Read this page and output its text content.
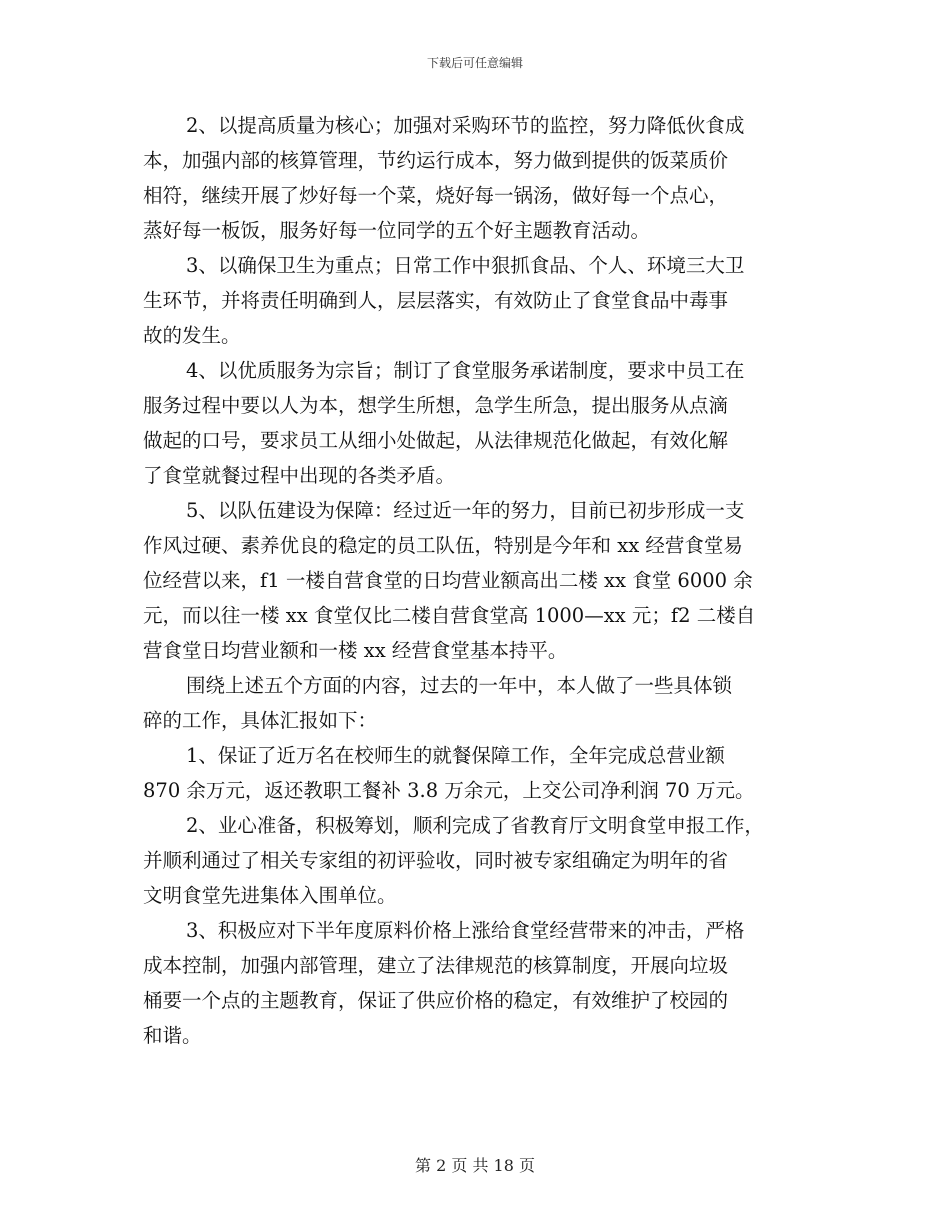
下载后可任意编辑
2、以提高质量为核心；加强对采购环节的监控，努力降低伙食成
本，加强内部的核算管理，节约运行成本，努力做到提供的饭菜质价
相符，继续开展了炒好每一个菜，烧好每一锅汤，做好每一个点心，
蒸好每一板饭，服务好每一位同学的五个好主题教育活动。
3、以确保卫生为重点；日常工作中狠抓食品、个人、环境三大卫
生环节，并将责任明确到人，层层落实，有效防止了食堂食品中毒事
故的发生。
4、以优质服务为宗旨；制订了食堂服务承诺制度，要求中员工在
服务过程中要以人为本，想学生所想，急学生所急，提出服务从点滴
做起的口号，要求员工从细小处做起，从法律规范化做起，有效化解
了食堂就餐过程中出现的各类矛盾。
5、以队伍建设为保障：经过近一年的努力，目前已初步形成一支
作风过硬、素养优良的稳定的员工队伍，特别是今年和 xx 经营食堂易
位经营以来，f1 一楼自营食堂的日均营业额高出二楼 xx 食堂 6000 余
元，而以往一楼 xx 食堂仅比二楼自营食堂高 1000—xx 元；f2 二楼自
营食堂日均营业额和一楼 xx 经营食堂基本持平。
围绕上述五个方面的内容，过去的一年中，本人做了一些具体锁
碎的工作，具体汇报如下：
1、保证了近万名在校师生的就餐保障工作，全年完成总营业额
870 余万元，返还教职工餐补 3.8 万余元，上交公司净利润 70 万元。
2、业心准备，积极筹划，顺利完成了省教育厅文明食堂申报工作，
并顺利通过了相关专家组的初评验收，同时被专家组确定为明年的省
文明食堂先进集体入围单位。
3、积极应对下半年度原料价格上涨给食堂经营带来的冲击，严格
成本控制，加强内部管理，建立了法律规范的核算制度，开展向垃圾
桶要一个点的主题教育，保证了供应价格的稳定，有效维护了校园的
和谐。
第 2 页 共 18 页
